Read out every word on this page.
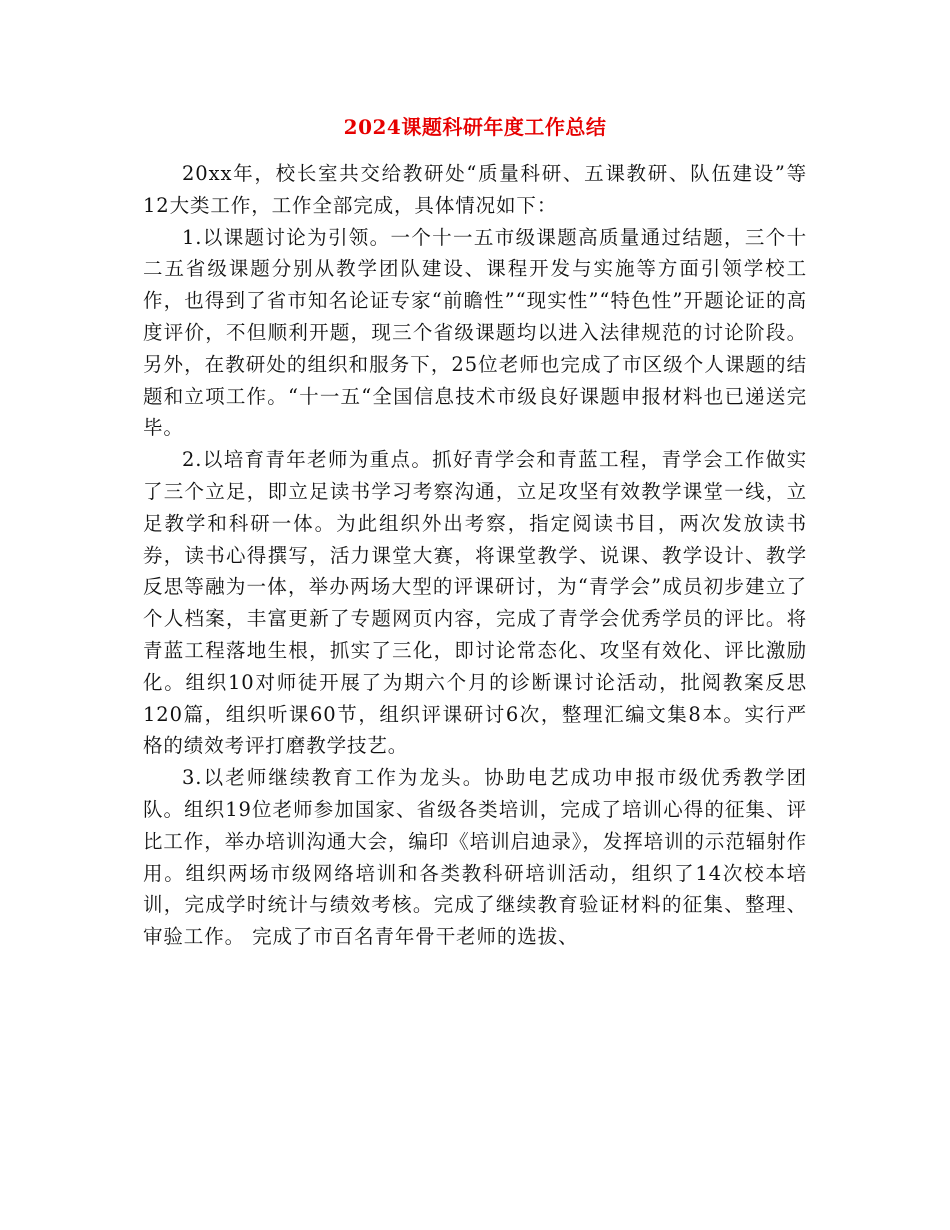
2024课题科研年度工作总结

20xx年，校长室共交给教研处“质量科研、五课教研、队伍建设”等12大类工作，工作全部完成，具体情况如下：

1.以课题讨论为引领。一个十一五市级课题高质量通过结题，三个十二五省级课题分别从教学团队建设、课程开发与实施等方面引领学校工作，也得到了省市知名论证专家“前瞻性”“现实性”“特色性”开题论证的高度评价，不但顺利开题，现三个省级课题均以进入法律规范的讨论阶段。另外，在教研处的组织和服务下，25位老师也完成了市区级个人课题的结题和立项工作。“十一五“全国信息技术市级良好课题申报材料也已递送完毕。

2.以培育青年老师为重点。抓好青学会和青蓝工程，青学会工作做实了三个立足，即立足读书学习考察沟通，立足攻坚有效教学课堂一线，立足教学和科研一体。为此组织外出考察，指定阅读书目，两次发放读书券，读书心得撰写，活力课堂大赛，将课堂教学、说课、教学设计、教学反思等融为一体，举办两场大型的评课研讨，为“青学会”成员初步建立了个人档案，丰富更新了专题网页内容，完成了青学会优秀学员的评比。将青蓝工程落地生根，抓实了三化，即讨论常态化、攻坚有效化、评比激励化。组织10对师徒开展了为期六个月的诊断课讨论活动，批阅教案反思120篇，组织听课60节，组织评课研讨6次，整理汇编文集8本。实行严格的绩效考评打磨教学技艺。

3.以老师继续教育工作为龙头。协助电艺成功申报市级优秀教学团队。组织19位老师参加国家、省级各类培训，完成了培训心得的征集、评比工作，举办培训沟通大会，编印《培训启迪录》，发挥培训的示范辐射作用。组织两场市级网络培训和各类教科研培训活动，组织了14次校本培训，完成学时统计与绩效考核。完成了继续教育验证材料的征集、整理、审验工作。 完成了市百名青年骨干老师的选拔、
